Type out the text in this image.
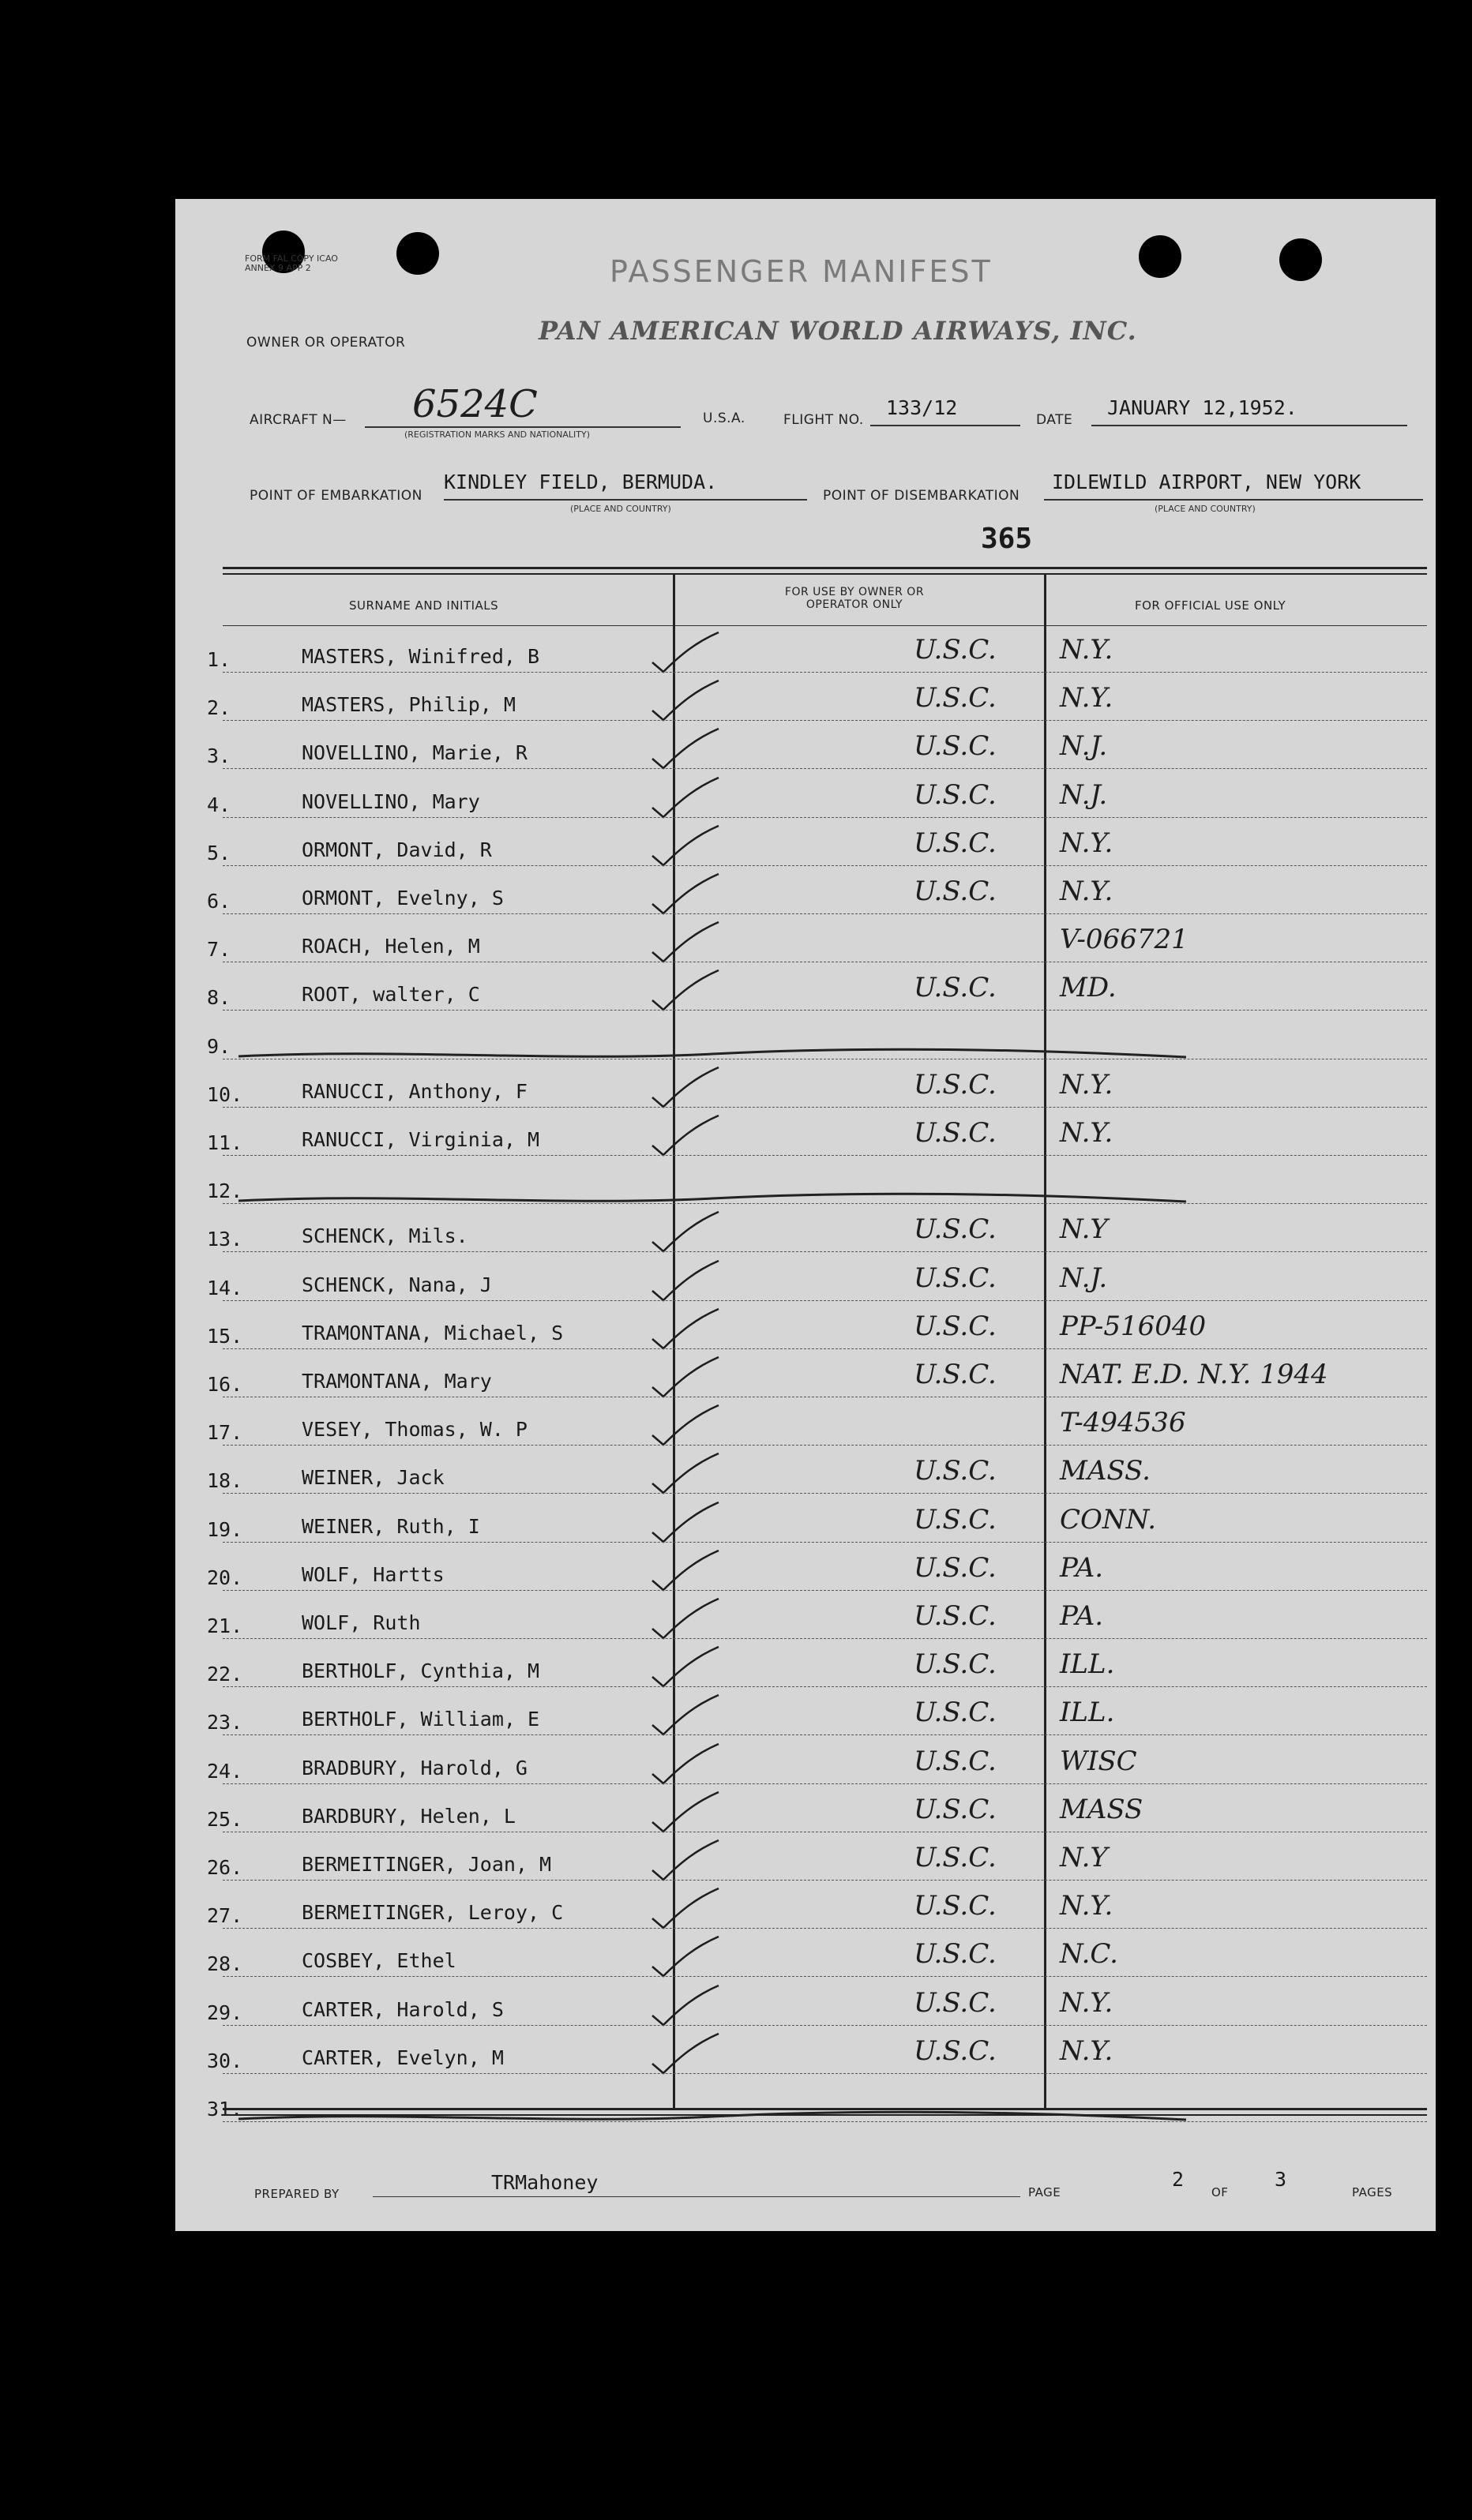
FORM FAL COPY ICAO ANNEX 9 APP 2	PASSENGER MANIFEST
OWNER OR OPERATOR	PAN AMERICAN WORLD AIRWAYS, INC.
AIRCRAFT N— 6524C
(REGISTRATION MARKS AND NATIONALITY)
U.S.A.	FLIGHT NO.
133/12
DATE
JANUARY 12,1952.
POINT OF EMBARKATION
KINDLEY FIELD, BERMUDA.
(PLACE AND COUNTRY)
POINT OF DISEMBARKATION
IDLEWILD AIRPORT, NEW YORK
(PLACE AND COUNTRY)
365
SURNAME AND INITIALS
FOR USE BY OWNER OR OPERATOR ONLY	FOR OFFICIAL USE ONLY
1.	MASTERS, Winifred, B	U.S.C. N.Y.
2.	MASTERS, Philip, M	U.S.C. N.Y.
3.	NOVELLINO, Marie, R	U.S.C. N.J.
4.	NOVELLINO, Mary	U.S.C. N.J.
5.	ORMONT, David, R	U.S.C. N.Y.
6.	ORMONT, Evelny, S	U.S.C. N.Y.
7.	ROACH, Helen, M	V-066721
8.	ROOT, walter, C	U.S.C. MD.
9.
10.	RANUCCI, Anthony, F	U.S.C. N.Y.
11.	RANUCCI, Virginia, M	U.S.C. N.Y.
12.
13.	SCHENCK, Mils.	U.S.C. N.Y
14.	SCHENCK, Nana, J	U.S.C. N.J.
15.	TRAMONTANA, Michael, S	U.S.C. PP-516040
16.	TRAMONTANA, Mary	U.S.C. NAT. E.D. N.Y. 1944
17.	VESEY, Thomas, W. P	T-494536
18.	WEINER, Jack	U.S.C. MASS.
19.	WEINER, Ruth, I	U.S.C. CONN.
20.	WOLF, Hartts	U.S.C. PA.
21.	WOLF, Ruth	U.S.C. PA.
22.	BERTHOLF, Cynthia, M	U.S.C. ILL.
23.	BERTHOLF, William, E	U.S.C. ILL.
24.	BRADBURY, Harold, G	U.S.C. WISC
25.	BARDBURY, Helen, L	U.S.C. MASS
26.	BERMEITINGER, Joan, M	U.S.C. N.Y
27.	BERMEITINGER, Leroy, C	U.S.C. N.Y.
28.	COSBEY, Ethel	U.S.C. N.C.
29.	CARTER, Harold, S	U.S.C. N.Y.
30.	CARTER, Evelyn, M	U.S.C. N.Y.
31.
PREPARED BY	TRMahoney	PAGE
2
OF
3
PAGES
